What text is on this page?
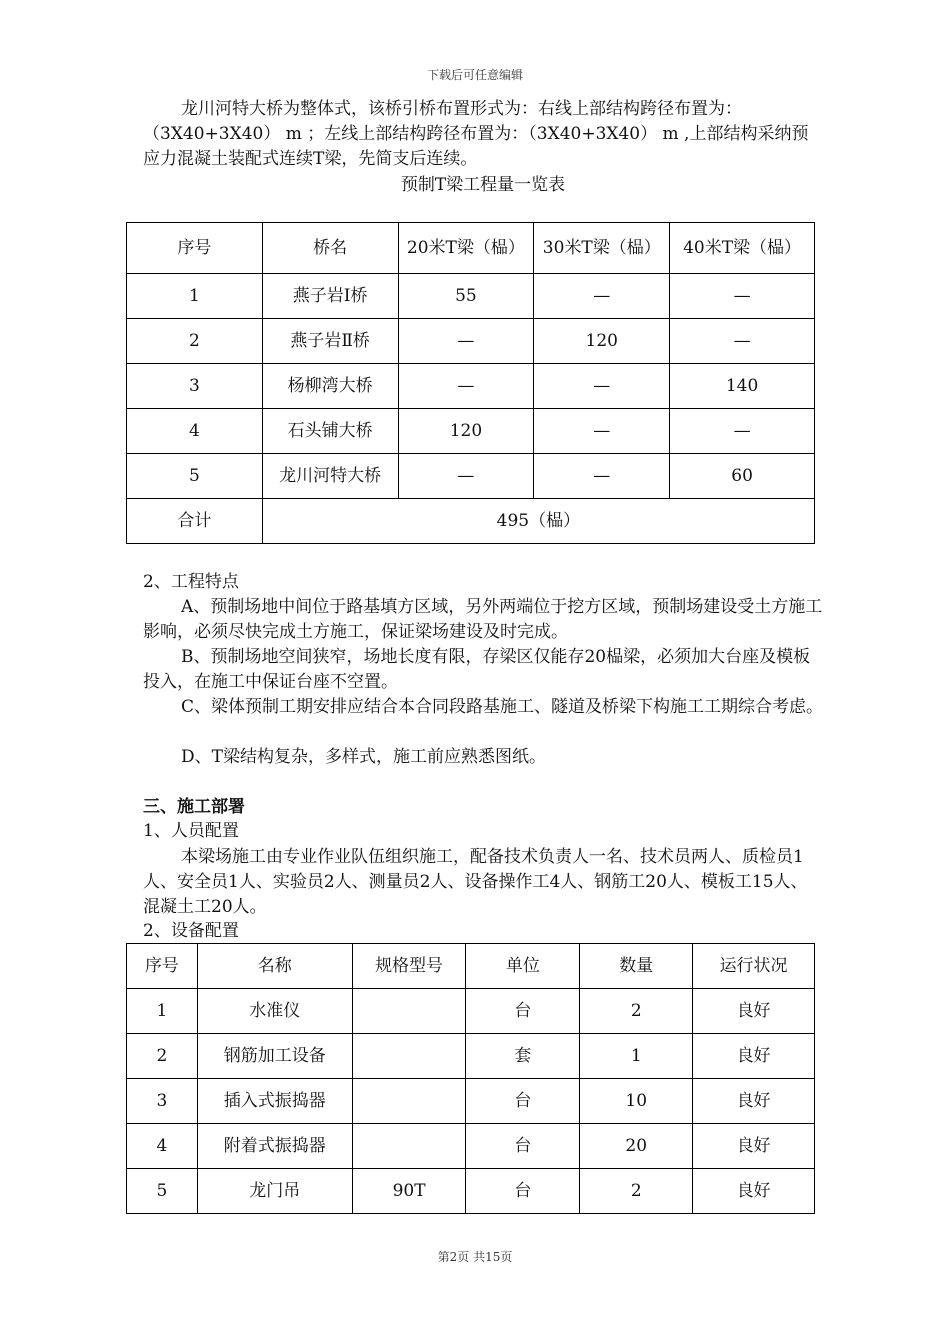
下载后可任意编辑

龙川河特大桥为整体式，该桥引桥布置形式为：右线上部结构跨径布置为：（3X40+3X40） m ；左线上部结构跨径布置为：（3X40+3X40） m ,上部结构采纳预应力混凝土装配式连续T梁，先简支后连续。

预制T梁工程量一览表

序号	桥名	20米T梁（榀）	30米T梁（榀）	40米T梁（榀）
1	燕子岩Ⅰ桥	55	—	—
2	燕子岩Ⅱ桥	—	120	—
3	杨柳湾大桥	—	—	140
4	石头铺大桥	120	—	—
5	龙川河特大桥	—	—	60
合计	495（榀）			

2、工程特点

A、预制场地中间位于路基填方区域，另外两端位于挖方区域，预制场建设受土方施工影响，必须尽快完成土方施工，保证梁场建设及时完成。

B、预制场地空间狭窄，场地长度有限，存梁区仅能存20榀梁，必须加大台座及模板投入，在施工中保证台座不空置。

C、梁体预制工期安排应结合本合同段路基施工、隧道及桥梁下构施工工期综合考虑。

D、T梁结构复杂，多样式，施工前应熟悉图纸。

三、施工部署

1、人员配置

本梁场施工由专业作业队伍组织施工，配备技术负责人一名、技术员两人、质检员1人、安全员1人、实验员2人、测量员2人、设备操作工4人、钢筋工20人、模板工15人、混凝土工20人。

2、设备配置

序号	名称	规格型号	单位	数量	运行状况
1	水准仪		台	2	良好
2	钢筋加工设备		套	1	良好
3	插入式振捣器		台	10	良好
4	附着式振捣器		台	20	良好
5	龙门吊	90T	台	2	良好
第2页 共15页
